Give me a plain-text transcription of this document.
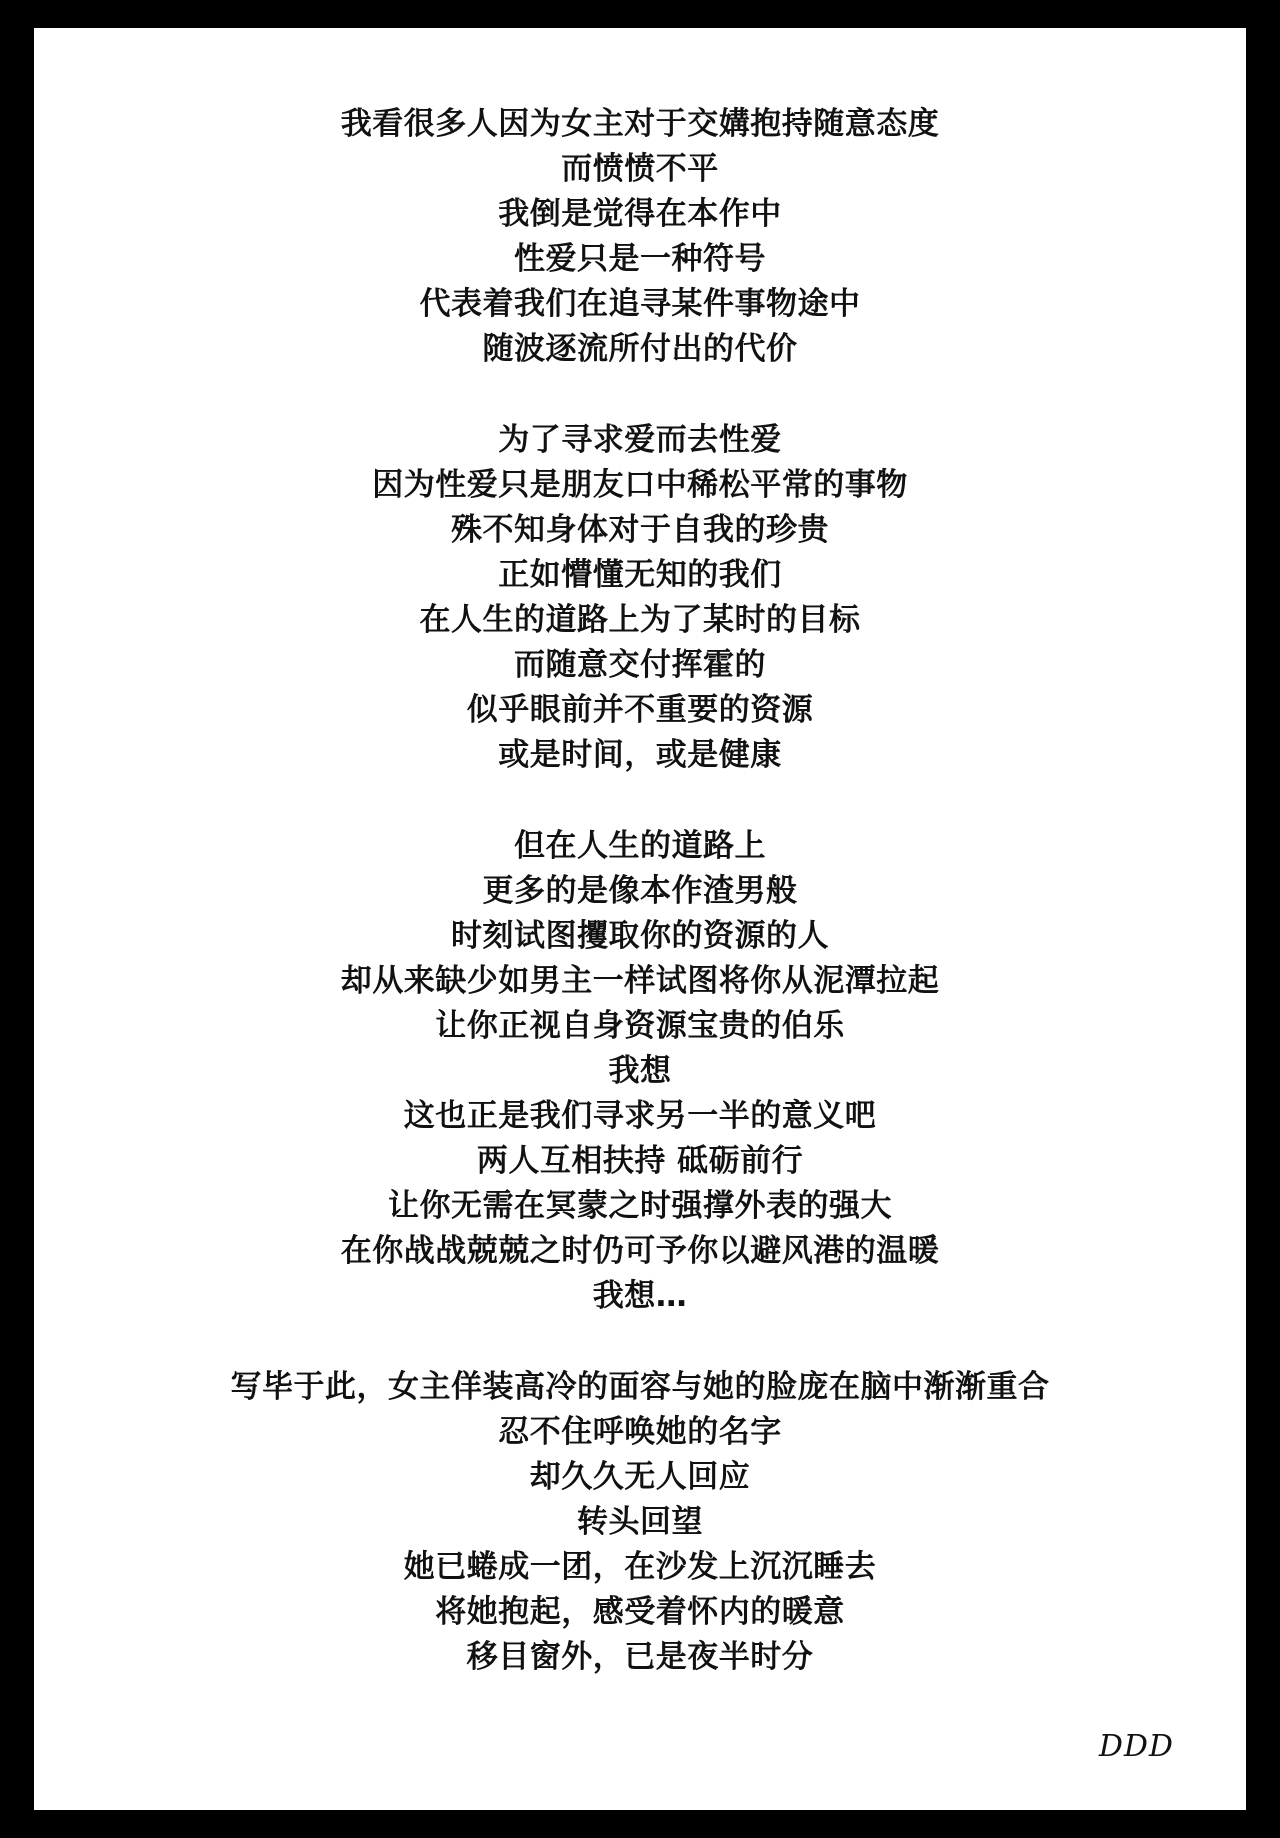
我看很多人因为女主对于交媾抱持随意态度
而愤愤不平
我倒是觉得在本作中
性爱只是一种符号
代表着我们在追寻某件事物途中
随波逐流所付出的代价
为了寻求爱而去性爱
因为性爱只是朋友口中稀松平常的事物
殊不知身体对于自我的珍贵
正如懵懂无知的我们
在人生的道路上为了某时的目标
而随意交付挥霍的
似乎眼前并不重要的资源
或是时间，或是健康
但在人生的道路上
更多的是像本作渣男般
时刻试图攫取你的资源的人
却从来缺少如男主一样试图将你从泥潭拉起
让你正视自身资源宝贵的伯乐
我想
这也正是我们寻求另一半的意义吧
两人互相扶持 砥砺前行
让你无需在冥蒙之时强撑外表的强大
在你战战兢兢之时仍可予你以避风港的温暖
我想…
写毕于此，女主佯装高冷的面容与她的脸庞在脑中渐渐重合
忍不住呼唤她的名字
却久久无人回应
转头回望
她已蜷成一团，在沙发上沉沉睡去
将她抱起，感受着怀内的暖意
移目窗外，已是夜半时分
DDD
